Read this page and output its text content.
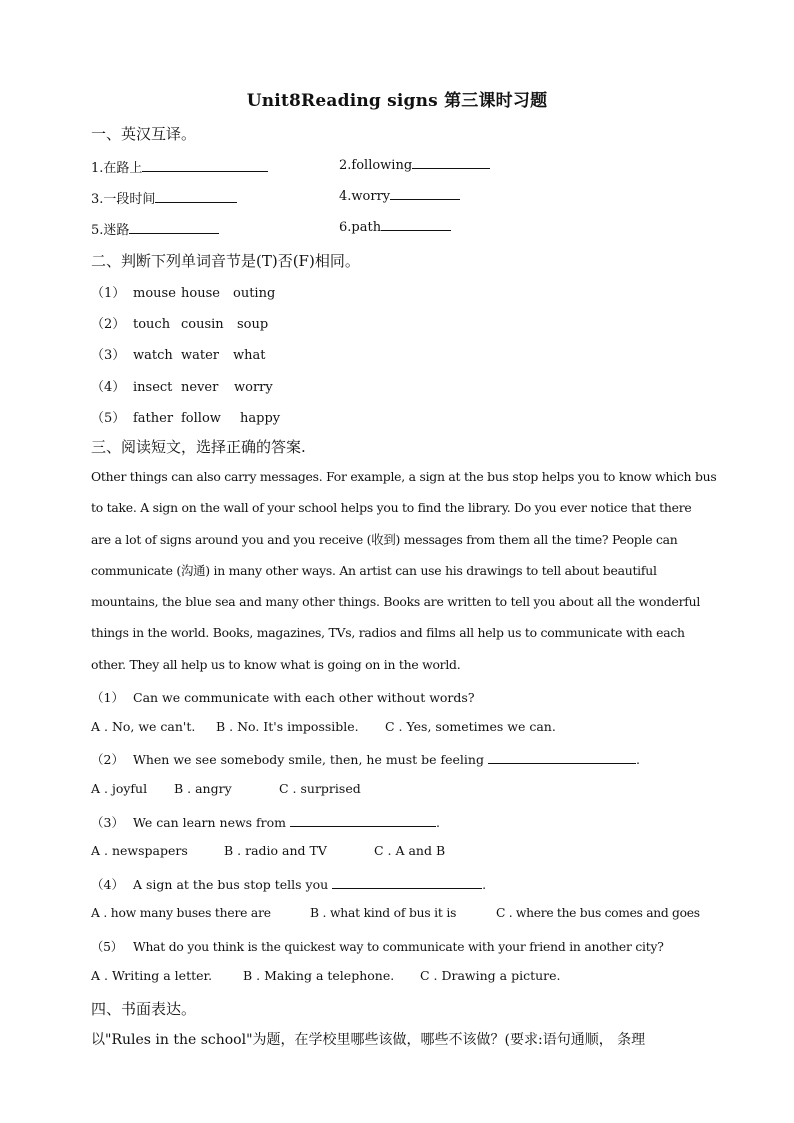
Unit8Reading signs 第三课时习题
一、英汉互译。
1.在路上	2.following
3.一段时间	4.worry
5.迷路	6.path
二、判断下列单词音节是(T)否(F)相同。
（1） mouse house outing
（2） touch cousin soup
（3） watch water what
（4） insect never worry
（5） father follow happy
三、阅读短文，选择正确的答案.
Other things can also carry messages. For example, a sign at the bus stop helps you to know which bus
to take. A sign on the wall of your school helps you to find the library. Do you ever notice that there
are a lot of signs around you and you receive (收到) messages from them all the time? People can
communicate (沟通) in many other ways. An artist can use his drawings to tell about beautiful
mountains, the blue sea and many other things. Books are written to tell you about all the wonderful
things in the world. Books, magazines, TVs, radios and films all help us to communicate with each
other. They all help us to know what is going on in the world.
（1） Can we communicate with each other without words?
A . No, we can't. B . No. It's impossible. C . Yes, sometimes we can.
（2） When we see somebody smile, then, he must be feeling	.
A . joyful B . angry	C . surprised
（3） We can learn news from	.
A . newspapers	B . radio and TV	C . A and B
（4） A sign at the bus stop tells you	.
A . how many buses there are	B . what kind of bus it is	C . where the bus comes and goes
（5） What do you think is the quickest way to communicate with your friend in another city?
A . Writing a letter. B . Making a telephone. C . Drawing a picture.
四、书面表达。
以"Rules in the school"为题，在学校里哪些该做，哪些不该做？(要求:语句通顺， 条理
